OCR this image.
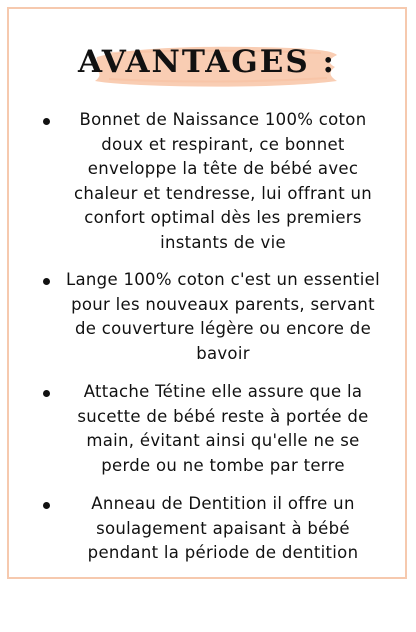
AVANTAGES :
Bonnet de Naissance 100% coton doux et respirant, ce bonnet enveloppe la tête de bébé avec chaleur et tendresse, lui offrant un confort optimal dès les premiers instants de vie
Lange 100% coton c'est un essentiel pour les nouveaux parents, servant de couverture légère ou encore de bavoir
Attache Tétine elle assure que la sucette de bébé reste à portée de main, évitant ainsi qu'elle ne se perde ou ne tombe par terre
Anneau de Dentition il offre un soulagement apaisant à bébé pendant la période de dentition
